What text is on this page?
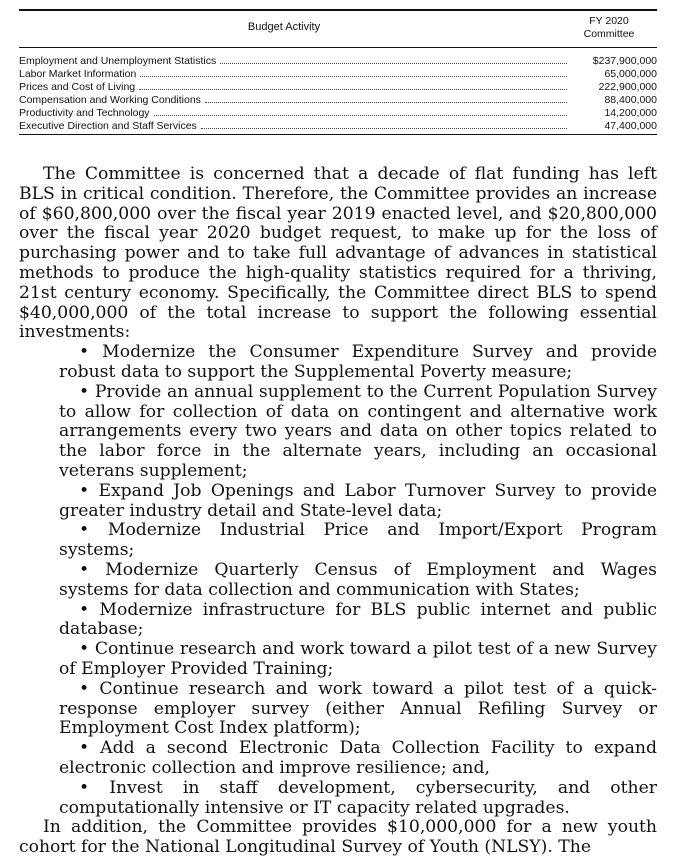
Budget Activity	FY 2020
Committee
Employment and Unemployment Statistics	$237,900,000
Labor Market Information	65,000,000
Prices and Cost of Living	222,900,000
Compensation and Working Conditions	88,400,000
Productivity and Technology	14,200,000
Executive Direction and Staff Services	47,400,000

The Committee is concerned that a decade of flat funding has left BLS in critical condition. Therefore, the Committee provides an increase of $60,800,000 over the fiscal year 2019 enacted level, and $20,800,000 over the fiscal year 2020 budget request, to make up for the loss of purchasing power and to take full advantage of advances in statistical methods to produce the high-quality statistics required for a thriving, 21st century economy. Specifically, the Committee direct BLS to spend $40,000,000 of the total increase to support the following essential investments:

• Modernize the Consumer Expenditure Survey and provide robust data to support the Supplemental Poverty measure;

• Provide an annual supplement to the Current Population Survey to allow for collection of data on contingent and alternative work arrangements every two years and data on other topics related to the labor force in the alternate years, including an occasional veterans supplement;

• Expand Job Openings and Labor Turnover Survey to provide greater industry detail and State-level data;

• Modernize Industrial Price and Import/Export Program systems;

• Modernize Quarterly Census of Employment and Wages systems for data collection and communication with States;

• Modernize infrastructure for BLS public internet and public database;

• Continue research and work toward a pilot test of a new Survey of Employer Provided Training;

• Continue research and work toward a pilot test of a quick-response employer survey (either Annual Refiling Survey or Employment Cost Index platform);

• Add a second Electronic Data Collection Facility to expand electronic collection and improve resilience; and,

• Invest in staff development, cybersecurity, and other computationally intensive or IT capacity related upgrades.

In addition, the Committee provides $10,000,000 for a new youth cohort for the National Longitudinal Survey of Youth (NLSY). The
